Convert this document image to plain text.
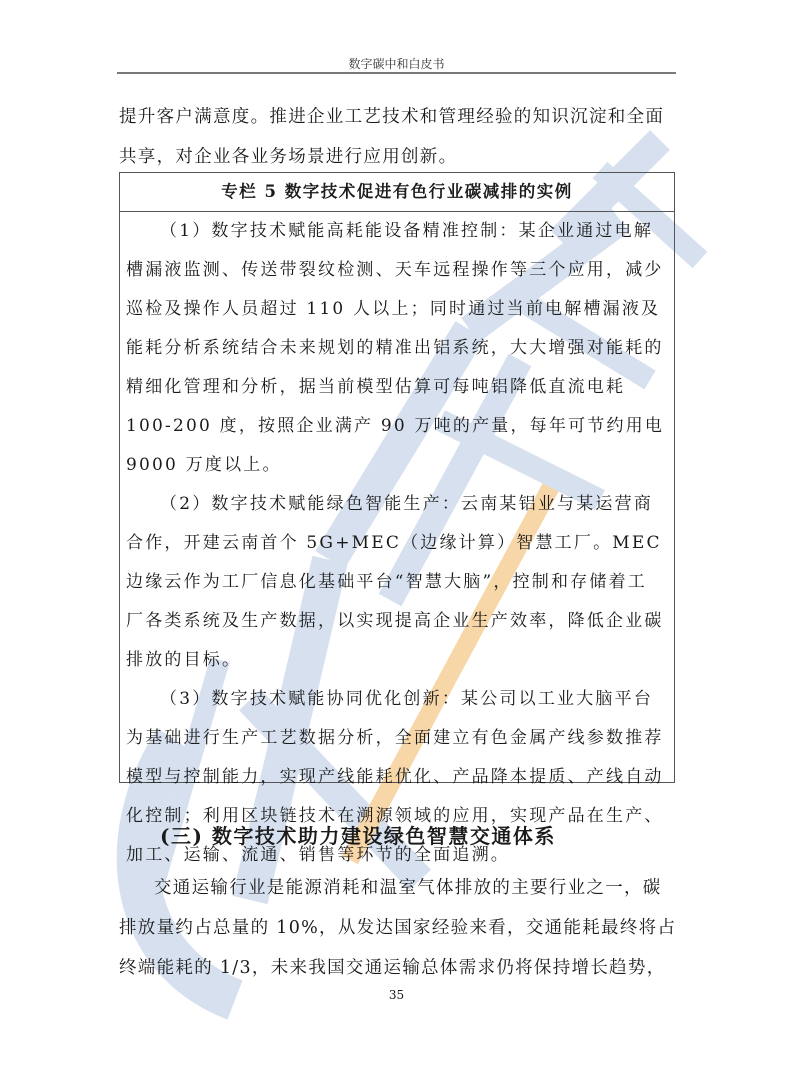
数字碳中和白皮书
提升客户满意度。推进企业工艺技术和管理经验的知识沉淀和全面共享，对企业各业务场景进行应用创新。
专栏 5 数字技术促进有色行业碳减排的实例

（1）数字技术赋能高耗能设备精准控制：某企业通过电解槽漏液监测、传送带裂纹检测、天车远程操作等三个应用，减少巡检及操作人员超过 110 人以上；同时通过当前电解槽漏液及能耗分析系统结合未来规划的精准出铝系统，大大增强对能耗的精细化管理和分析，据当前模型估算可每吨铝降低直流电耗 100-200 度，按照企业满产 90 万吨的产量，每年可节约用电 9000 万度以上。

（2）数字技术赋能绿色智能生产：云南某铝业与某运营商合作，开建云南首个 5G+MEC（边缘计算）智慧工厂。MEC 边缘云作为工厂信息化基础平台“智慧大脑”，控制和存储着工厂各类系统及生产数据，以实现提高企业生产效率，降低企业碳排放的目标。

（3）数字技术赋能协同优化创新：某公司以工业大脑平台为基础进行生产工艺数据分析，全面建立有色金属产线参数推荐模型与控制能力，实现产线能耗优化、产品降本提质、产线自动化控制；利用区块链技术在溯源领域的应用，实现产品在生产、加工、运输、流通、销售等环节的全面追溯。

(三) 数字技术助力建设绿色智慧交通体系
交通运输行业是能源消耗和温室气体排放的主要行业之一，碳排放量约占总量的 10%，从发达国家经验来看，交通能耗最终将占终端能耗的 1/3，未来我国交通运输总体需求仍将保持增长趋势，
35
